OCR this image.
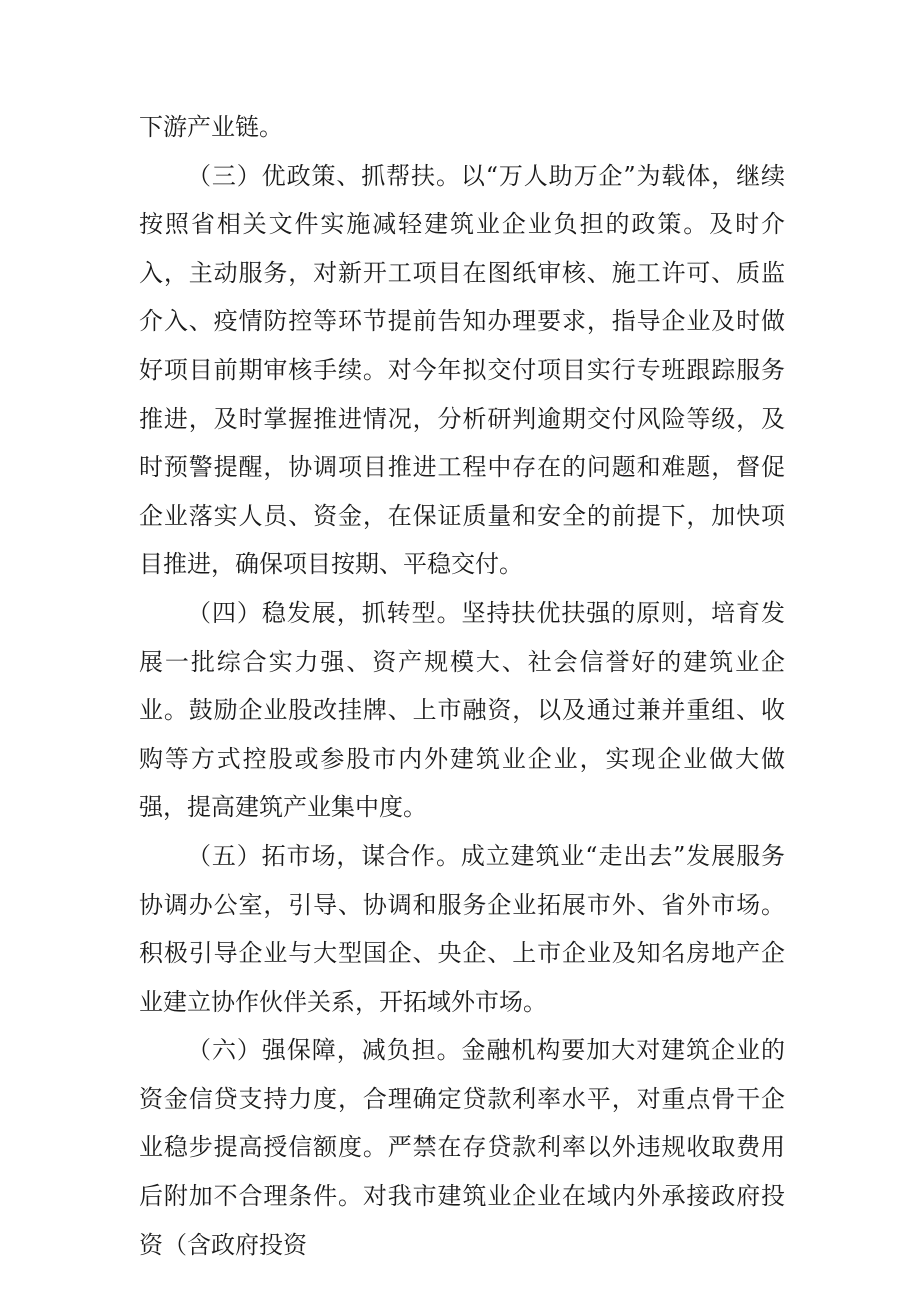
下游产业链。

（三）优政策、抓帮扶。以“万人助万企”为载体，继续按照省相关文件实施减轻建筑业企业负担的政策。及时介入，主动服务，对新开工项目在图纸审核、施工许可、质监介入、疫情防控等环节提前告知办理要求，指导企业及时做好项目前期审核手续。对今年拟交付项目实行专班跟踪服务推进，及时掌握推进情况，分析研判逾期交付风险等级，及时预警提醒，协调项目推进工程中存在的问题和难题，督促企业落实人员、资金，在保证质量和安全的前提下，加快项目推进，确保项目按期、平稳交付。

（四）稳发展，抓转型。坚持扶优扶强的原则，培育发展一批综合实力强、资产规模大、社会信誉好的建筑业企业。鼓励企业股改挂牌、上市融资，以及通过兼并重组、收购等方式控股或参股市内外建筑业企业，实现企业做大做强，提高建筑产业集中度。

（五）拓市场，谋合作。成立建筑业“走出去”发展服务协调办公室，引导、协调和服务企业拓展市外、省外市场。积极引导企业与大型国企、央企、上市企业及知名房地产企业建立协作伙伴关系，开拓域外市场。

（六）强保障，减负担。金融机构要加大对建筑企业的资金信贷支持力度，合理确定贷款利率水平，对重点骨干企业稳步提高授信额度。严禁在存贷款利率以外违规收取费用后附加不合理条件。对我市建筑业企业在域内外承接政府投资（含政府投资
